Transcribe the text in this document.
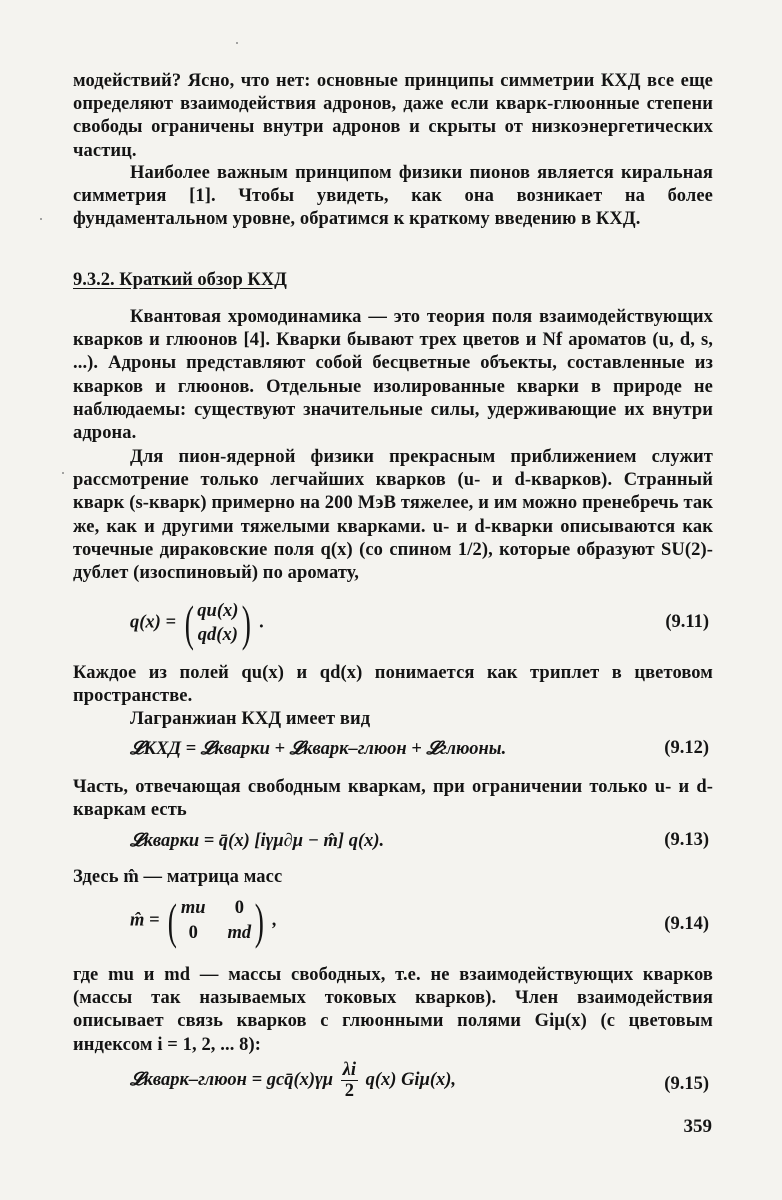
модействий? Ясно, что нет: основные принципы симметрии КХД все еще определяют взаимодействия адронов, даже если кварк-глюонные степени свободы ограничены внутри адронов и скрыты от низкоэнергетических частиц.
Наиболее важным принципом физики пионов является киральная симметрия [1]. Чтобы увидеть, как она возникает на более фундаментальном уровне, обратимся к краткому введению в КХД.
9.3.2. Краткий обзор КХД
Квантовая хромодинамика — это теория поля взаимодействующих кварков и глюонов [4]. Кварки бывают трех цветов и Nf ароматов (u, d, s, ...). Адроны представляют собой бесцветные объекты, составленные из кварков и глюонов. Отдельные изолированные кварки в природе не наблюдаемы: существуют значительные силы, удерживающие их внутри адрона.
Для пион-ядерной физики прекрасным приближением служит рассмотрение только легчайших кварков (u- и d-кварков). Странный кварк (s-кварк) примерно на 200 МэВ тяжелее, и им можно пренебречь так же, как и другими тяжелыми кварками. u- и d-кварки описываются как точечные дираковские поля q(x) (со спином 1/2), которые образуют SU(2)-дублет (изоспиновый) по аромату,
q(x) = ( qu(x)
qd(x) ) .	(9.11)
Каждое из полей qu(x) и qd(x) понимается как триплет в цветовом пространстве.
Лагранжиан КХД имеет вид
𝓛КХД = 𝓛кварки + 𝓛кварк–глюон + 𝓛глюоны.	(9.12)
Часть, отвечающая свободным кваркам, при ограничении только u- и d-кваркам есть
𝓛кварки = q̄(x) [iγμ∂μ − m̂] q(x).	(9.13)
Здесь m̂ — матрица масс
m̂ = ( mu	0
0	md ) ,	(9.14)
где mu и md — массы свободных, т.е. не взаимодействующих кварков (массы так называемых токовых кварков). Член взаимодействия описывает связь кварков с глюонными полями Giμ(x) (с цветовым индексом i = 1, 2, ... 8):
𝓛кварк–глюон = gcq̄(x)γμ $\frac{\lambda i}{2} q(x)$ Giμ(x),	(9.15)
359
